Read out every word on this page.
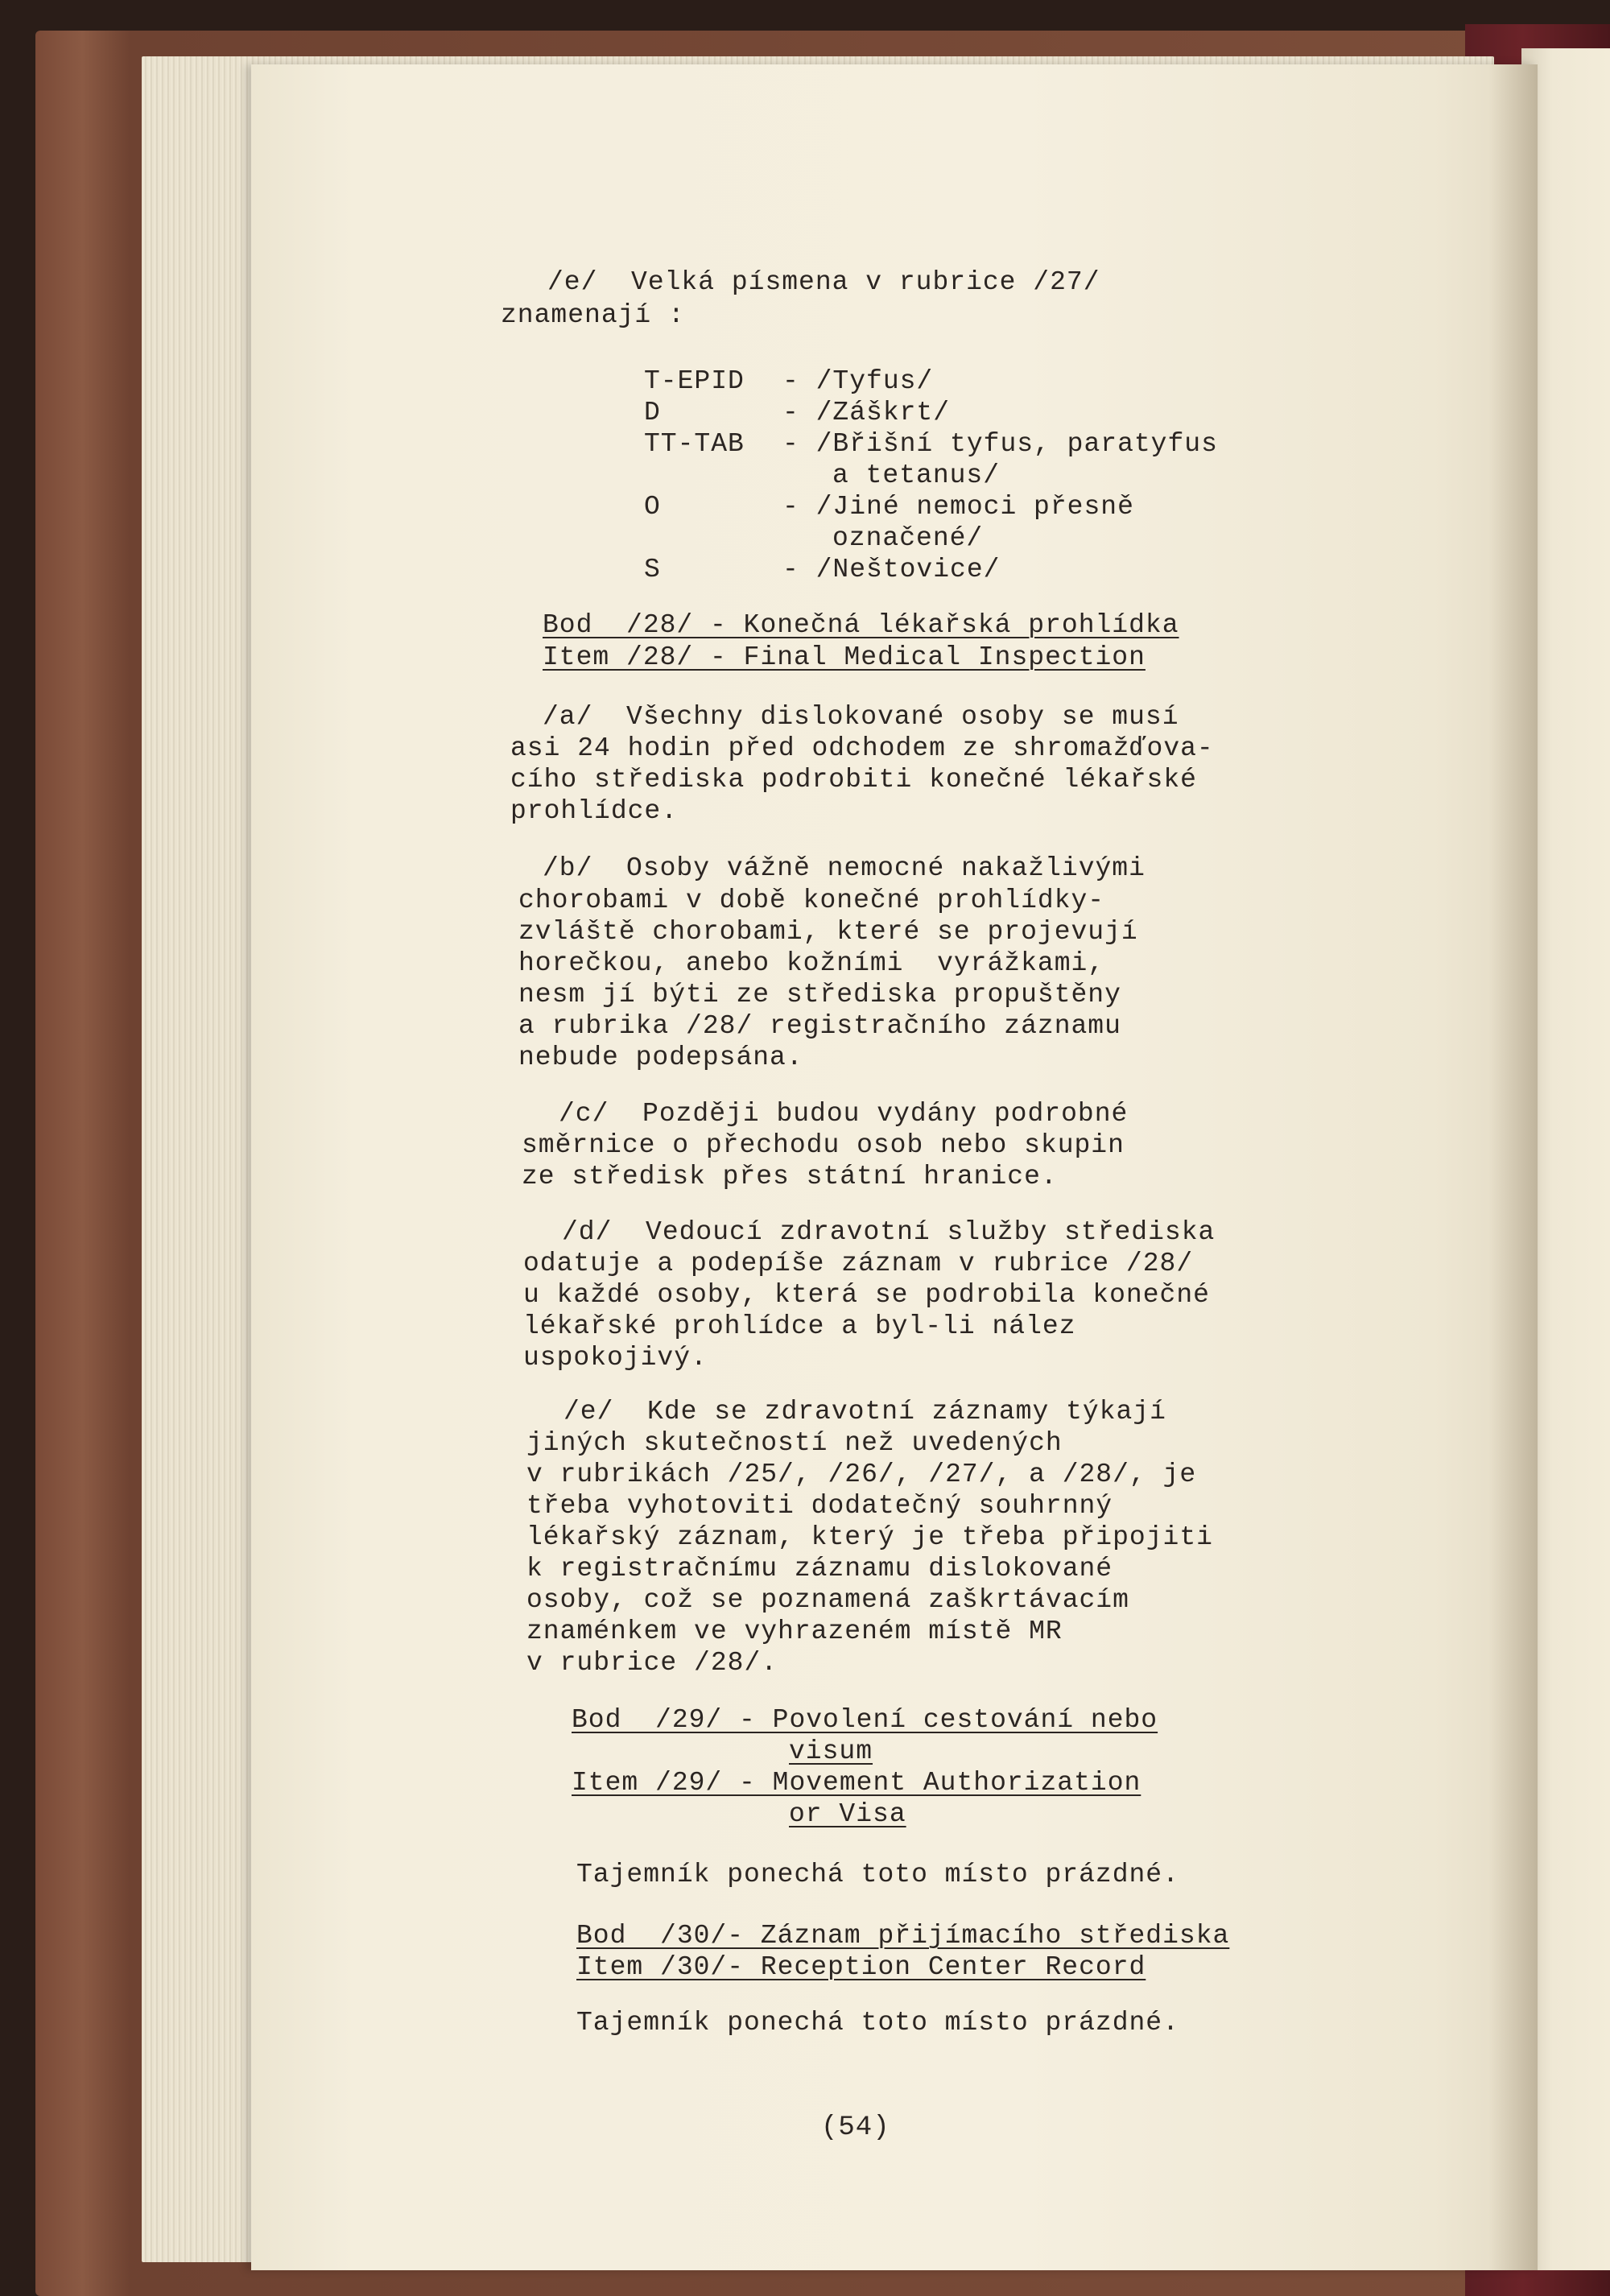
/e/  Velká písmena v rubrice /27/
znamenají :
T-EPID - /Tyfus/
D	- /Záškrt/
TT-TAB - /Břišní tyfus, paratyfus
a tetanus/
O	- /Jiné nemoci přesně
označené/
S	- /Neštovice/
Bod  /28/ - Konečná lékařská prohlídka
Item /28/ - Final Medical Inspection
/a/  Všechny dislokované osoby se musí
asi 24 hodin před odchodem ze shromažďova-
cího střediska podrobiti konečné lékařské
prohlídce.
/b/  Osoby vážně nemocné nakažlivými
chorobami v době konečné prohlídky-
zvláště chorobami, které se projevují
horečkou, anebo kožními  vyrážkami,
nesm jí býti ze střediska propuštěny
a rubrika /28/ registračního záznamu
nebude podepsána.
/c/  Později budou vydány podrobné
směrnice o přechodu osob nebo skupin
ze středisk přes státní hranice.
/d/  Vedoucí zdravotní služby střediska
odatuje a podepíše záznam v rubrice /28/
u každé osoby, která se podrobila konečné
lékařské prohlídce a byl-li nález
uspokojivý.
/e/  Kde se zdravotní záznamy týkají
jiných skutečností než uvedených
v rubrikách /25/, /26/, /27/, a /28/, je
třeba vyhotoviti dodatečný souhrnný
lékařský záznam, který je třeba připojiti
k registračnímu záznamu dislokované
osoby, což se poznamená zaškrtávacím
znaménkem ve vyhrazeném místě MR
v rubrice /28/.
Bod  /29/ - Povolení cestování nebo
visum
Item /29/ - Movement Authorization
or Visa
Tajemník ponechá toto místo prázdné.
Bod  /30/- Záznam přijímacího střediska
Item /30/- Reception Center Record
Tajemník ponechá toto místo prázdné.
(54)
